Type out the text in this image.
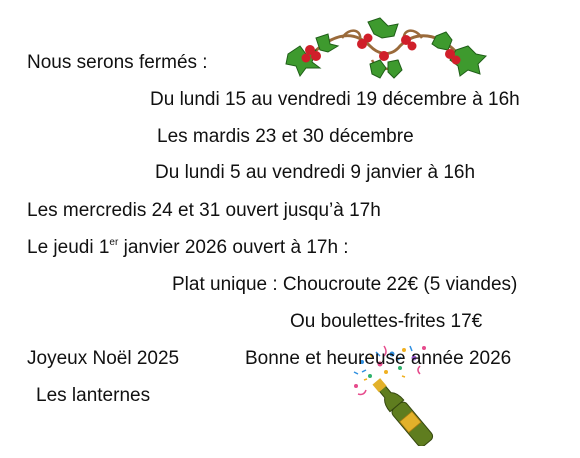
Nous serons fermés :
Du lundi 15 au vendredi 19 décembre à 16h
Les mardis 23 et 30 décembre
Du lundi 5 au vendredi 9 janvier à 16h
Les mercredis 24 et 31 ouvert jusqu’à 17h
Le jeudi 1er janvier 2026 ouvert à 17h :
Plat unique : Choucroute 22€ (5 viandes)
Ou boulettes-frites 17€
Joyeux Noël 2025	Bonne et heureuse année 2026
Les lanternes
